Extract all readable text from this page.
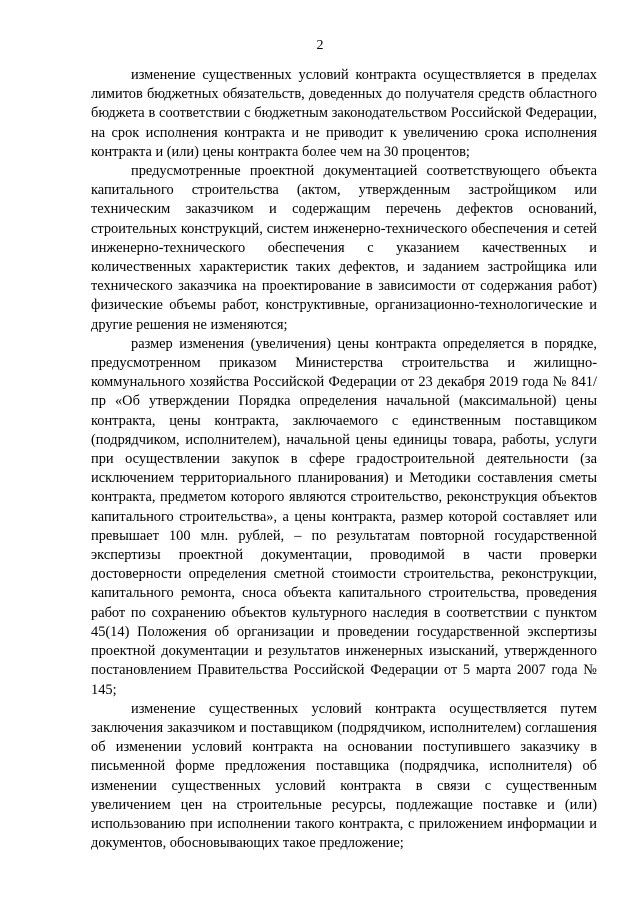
2

изменение существенных условий контракта осуществляется в пределах лимитов бюджетных обязательств, доведенных до получателя средств областного бюджета в соответствии с бюджетным законодательством Российской Федерации, на срок исполнения контракта и не приводит к увеличению срока исполнения контракта и (или) цены контракта более чем на 30 процентов;

предусмотренные проектной документацией соответствующего объекта капитального строительства (актом, утвержденным застройщиком или техническим заказчиком и содержащим перечень дефектов оснований, строительных конструкций, систем инженерно-технического обеспечения и сетей инженерно-технического обеспечения с указанием качественных и количественных характеристик таких дефектов, и заданием застройщика или технического заказчика на проектирование в зависимости от содержания работ) физические объемы работ, конструктивные, организационно-технологические и другие решения не изменяются;

размер изменения (увеличения) цены контракта определяется в порядке, предусмотренном приказом Министерства строительства и жилищно-коммунального хозяйства Российской Федерации от 23 декабря 2019 года № 841/пр «Об утверждении Порядка определения начальной (максимальной) цены контракта, цены контракта, заключаемого с единственным поставщиком (подрядчиком, исполнителем), начальной цены единицы товара, работы, услуги при осуществлении закупок в сфере градостроительной деятельности (за исключением территориального планирования) и Методики составления сметы контракта, предметом которого являются строительство, реконструкция объектов капитального строительства», а цены контракта, размер которой составляет или превышает 100 млн. рублей, – по результатам повторной государственной экспертизы проектной документации, проводимой в части проверки достоверности определения сметной стоимости строительства, реконструкции, капитального ремонта, сноса объекта капитального строительства, проведения работ по сохранению объектов культурного наследия в соответствии с пунктом 45(14) Положения об организации и проведении государственной экспертизы проектной документации и результатов инженерных изысканий, утвержденного постановлением Правительства Российской Федерации от 5 марта 2007 года № 145;

изменение существенных условий контракта осуществляется путем заключения заказчиком и поставщиком (подрядчиком, исполнителем) соглашения об изменении условий контракта на основании поступившего заказчику в письменной форме предложения поставщика (подрядчика, исполнителя) об изменении существенных условий контракта в связи с существенным увеличением цен на строительные ресурсы, подлежащие поставке и (или) использованию при исполнении такого контракта, с приложением информации и документов, обосновывающих такое предложение;
